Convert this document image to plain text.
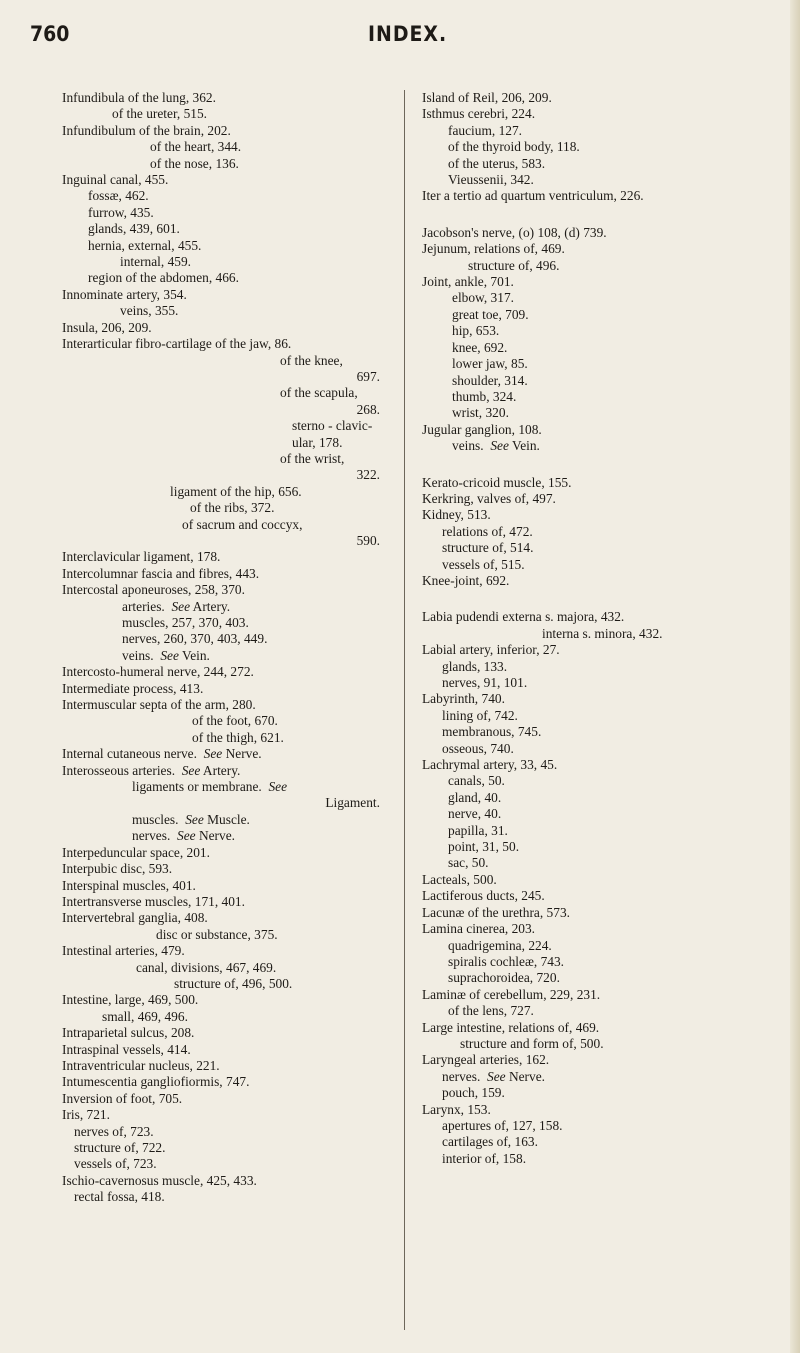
760	INDEX.
Infundibula of the lung, 362.
of the ureter, 515.
Infundibulum of the brain, 202.
of the heart, 344.
of the nose, 136.
Inguinal canal, 455.
fossæ, 462.
furrow, 435.
glands, 439, 601.
hernia, external, 455.
internal, 459.
region of the abdomen, 466.
Innominate artery, 354.
veins, 355.
Insula, 206, 209.
Interarticular fibro-cartilage of the jaw, 86.
of the knee,
697.
of the scapula,
268.
sterno - clavic-
ular, 178.
of the wrist,
322.
ligament of the hip, 656.
of the ribs, 372.
of sacrum and coccyx,
590.
Interclavicular ligament, 178.
Intercolumnar fascia and fibres, 443.
Intercostal aponeuroses, 258, 370.
arteries.  See Artery.
muscles, 257, 370, 403.
nerves, 260, 370, 403, 449.
veins.  See Vein.
Intercosto-humeral nerve, 244, 272.
Intermediate process, 413.
Intermuscular septa of the arm, 280.
of the foot, 670.
of the thigh, 621.
Internal cutaneous nerve.  See Nerve.
Interosseous arteries.  See Artery.
ligaments or membrane.  See
Ligament.
muscles.  See Muscle.
nerves.  See Nerve.
Interpeduncular space, 201.
Interpubic disc, 593.
Interspinal muscles, 401.
Intertransverse muscles, 171, 401.
Intervertebral ganglia, 408.
disc or substance, 375.
Intestinal arteries, 479.
canal, divisions, 467, 469.
structure of, 496, 500.
Intestine, large, 469, 500.
small, 469, 496.
Intraparietal sulcus, 208.
Intraspinal vessels, 414.
Intraventricular nucleus, 221.
Intumescentia gangliofiormis, 747.
Inversion of foot, 705.
Iris, 721.
nerves of, 723.
structure of, 722.
vessels of, 723.
Ischio-cavernosus muscle, 425, 433.
rectal fossa, 418.
Island of Reil, 206, 209.
Isthmus cerebri, 224.
faucium, 127.
of the thyroid body, 118.
of the uterus, 583.
Vieussenii, 342.
Iter a tertio ad quartum ventriculum, 226.
Jacobson's nerve, (o) 108, (d) 739.
Jejunum, relations of, 469.
structure of, 496.
Joint, ankle, 701.
elbow, 317.
great toe, 709.
hip, 653.
knee, 692.
lower jaw, 85.
shoulder, 314.
thumb, 324.
wrist, 320.
Jugular ganglion, 108.
veins.  See Vein.
Kerato-cricoid muscle, 155.
Kerkring, valves of, 497.
Kidney, 513.
relations of, 472.
structure of, 514.
vessels of, 515.
Knee-joint, 692.
Labia pudendi externa s. majora, 432.
interna s. minora, 432.
Labial artery, inferior, 27.
glands, 133.
nerves, 91, 101.
Labyrinth, 740.
lining of, 742.
membranous, 745.
osseous, 740.
Lachrymal artery, 33, 45.
canals, 50.
gland, 40.
nerve, 40.
papilla, 31.
point, 31, 50.
sac, 50.
Lacteals, 500.
Lactiferous ducts, 245.
Lacunæ of the urethra, 573.
Lamina cinerea, 203.
quadrigemina, 224.
spiralis cochleæ, 743.
suprachoroidea, 720.
Laminæ of cerebellum, 229, 231.
of the lens, 727.
Large intestine, relations of, 469.
structure and form of, 500.
Laryngeal arteries, 162.
nerves.  See Nerve.
pouch, 159.
Larynx, 153.
apertures of, 127, 158.
cartilages of, 163.
interior of, 158.
